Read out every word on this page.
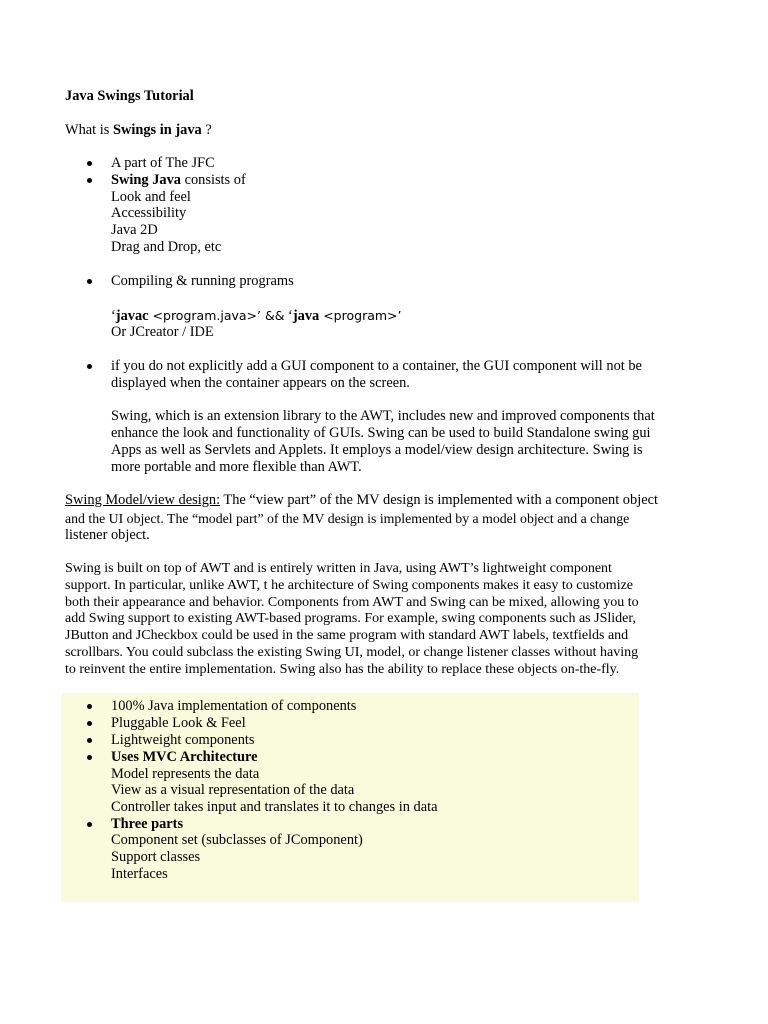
Java Swings Tutorial
What is Swings in java ?
A part of The JFC
Swing Java consists of
Look and feel
Accessibility
Java 2D
Drag and Drop, etc
Compiling & running programs
‘javac <program.java>’ && ‘java <program>’
Or JCreator / IDE
if you do not explicitly add a GUI component to a container, the GUI component will not be
displayed when the container appears on the screen.
Swing, which is an extension library to the AWT, includes new and improved components that
enhance the look and functionality of GUIs. Swing can be used to build Standalone swing gui
Apps as well as Servlets and Applets. It employs a model/view design architecture. Swing is
more portable and more flexible than AWT.
Swing Model/view design: The “view part” of the MV design is implemented with a component object
and the UI object. The “model part” of the MV design is implemented by a model object and a change
listener object.
Swing is built on top of AWT and is entirely written in Java, using AWT’s lightweight component
support. In particular, unlike AWT, t he architecture of Swing components makes it easy to customize
both their appearance and behavior. Components from AWT and Swing can be mixed, allowing you to
add Swing support to existing AWT-based programs. For example, swing components such as JSlider,
JButton and JCheckbox could be used in the same program with standard AWT labels, textfields and
scrollbars. You could subclass the existing Swing UI, model, or change listener classes without having
to reinvent the entire implementation. Swing also has the ability to replace these objects on-the-fly.
100% Java implementation of components
Pluggable Look & Feel
Lightweight components
Uses MVC Architecture
Model represents the data
View as a visual representation of the data
Controller takes input and translates it to changes in data
Three parts
Component set (subclasses of JComponent)
Support classes
Interfaces
